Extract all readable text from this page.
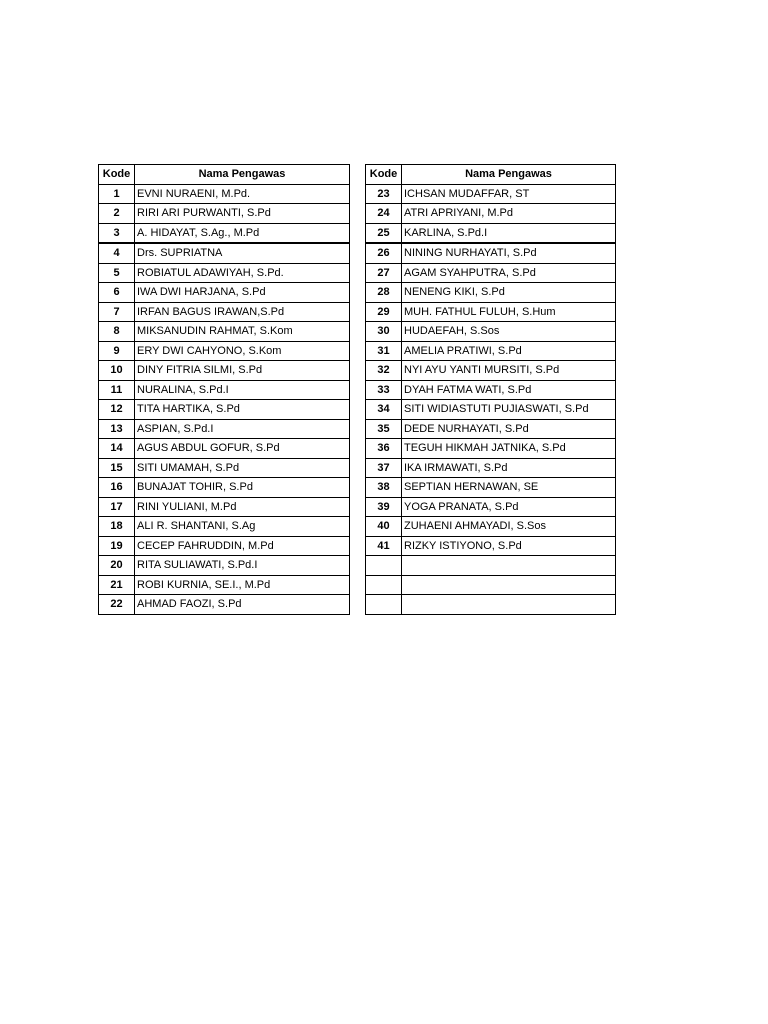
Kode	Nama Pengawas
1	EVNI NURAENI, M.Pd.
2	RIRI ARI PURWANTI, S.Pd
3	A. HIDAYAT, S.Ag., M.Pd
4	Drs. SUPRIATNA
5	ROBIATUL ADAWIYAH, S.Pd.
6	IWA DWI HARJANA, S.Pd
7	IRFAN BAGUS IRAWAN,S.Pd
8	MIKSANUDIN RAHMAT, S.Kom
9	ERY DWI CAHYONO, S.Kom
10	DINY FITRIA SILMI, S.Pd
11	NURALINA, S.Pd.I
12	TITA HARTIKA, S.Pd
13	ASPIAN, S.Pd.I
14	AGUS ABDUL GOFUR, S.Pd
15	SITI UMAMAH, S.Pd
16	BUNAJAT TOHIR, S.Pd
17	RINI YULIANI, M.Pd
18	ALI R. SHANTANI, S.Ag
19	CECEP FAHRUDDIN, M.Pd
20	RITA SULIAWATI, S.Pd.I
21	ROBI KURNIA, SE.I., M.Pd
22	AHMAD FAOZI, S.Pd
Kode	Nama Pengawas
23	ICHSAN MUDAFFAR, ST
24	ATRI APRIYANI, M.Pd
25	KARLINA, S.Pd.I
26	NINING NURHAYATI, S.Pd
27	AGAM SYAHPUTRA, S.Pd
28	NENENG KIKI, S.Pd
29	MUH. FATHUL FULUH, S.Hum
30	HUDAEFAH, S.Sos
31	AMELIA PRATIWI, S.Pd
32	NYI AYU YANTI MURSITI, S.Pd
33	DYAH FATMA WATI, S.Pd
34	SITI WIDIASTUTI PUJIASWATI, S.Pd
35	DEDE NURHAYATI, S.Pd
36	TEGUH HIKMAH JATNIKA, S.Pd
37	IKA IRMAWATI, S.Pd
38	SEPTIAN HERNAWAN, SE
39	YOGA PRANATA, S.Pd
40	ZUHAENI AHMAYADI, S.Sos
41	RIZKY ISTIYONO, S.Pd
